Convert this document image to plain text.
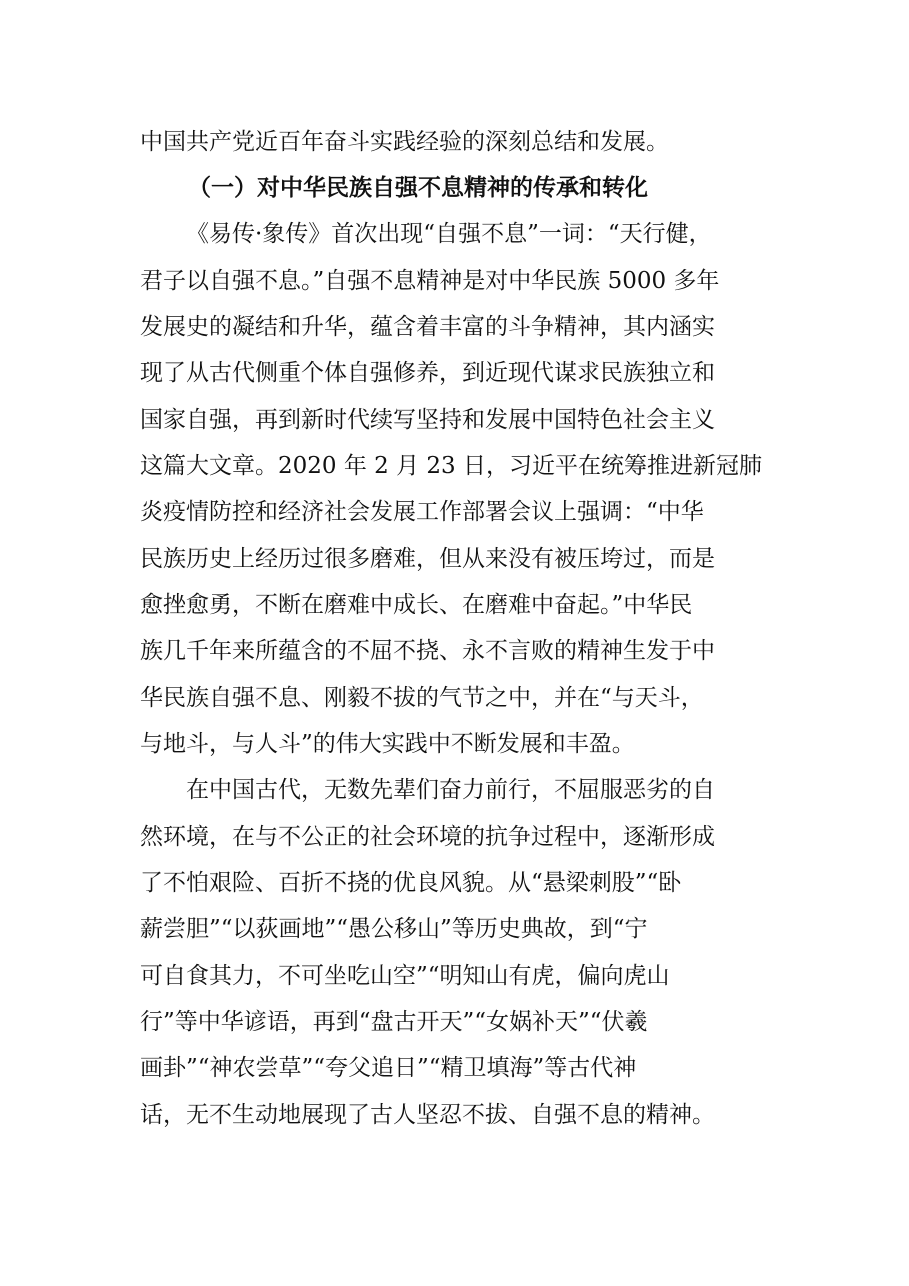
中国共产党近百年奋斗实践经验的深刻总结和发展。
（一）对中华民族自强不息精神的传承和转化
《易传·象传》首次出现“自强不息”一词：“天行健，
君子以自强不息。”自强不息精神是对中华民族 5000 多年
发展史的凝结和升华，蕴含着丰富的斗争精神，其内涵实
现了从古代侧重个体自强修养，到近现代谋求民族独立和
国家自强，再到新时代续写坚持和发展中国特色社会主义
这篇大文章。2020 年 2 月 23 日，习近平在统筹推进新冠肺
炎疫情防控和经济社会发展工作部署会议上强调：“中华
民族历史上经历过很多磨难，但从来没有被压垮过，而是
愈挫愈勇，不断在磨难中成长、在磨难中奋起。”中华民
族几千年来所蕴含的不屈不挠、永不言败的精神生发于中
华民族自强不息、刚毅不拔的气节之中，并在“与天斗，
与地斗，与人斗”的伟大实践中不断发展和丰盈。
在中国古代，无数先辈们奋力前行，不屈服恶劣的自
然环境，在与不公正的社会环境的抗争过程中，逐渐形成
了不怕艰险、百折不挠的优良风貌。从“悬梁刺股”“卧
薪尝胆”“以荻画地”“愚公移山”等历史典故，到“宁
可自食其力，不可坐吃山空”“明知山有虎，偏向虎山
行”等中华谚语，再到“盘古开天”“女娲补天”“伏羲
画卦”“神农尝草”“夸父追日”“精卫填海”等古代神
话，无不生动地展现了古人坚忍不拔、自强不息的精神。
